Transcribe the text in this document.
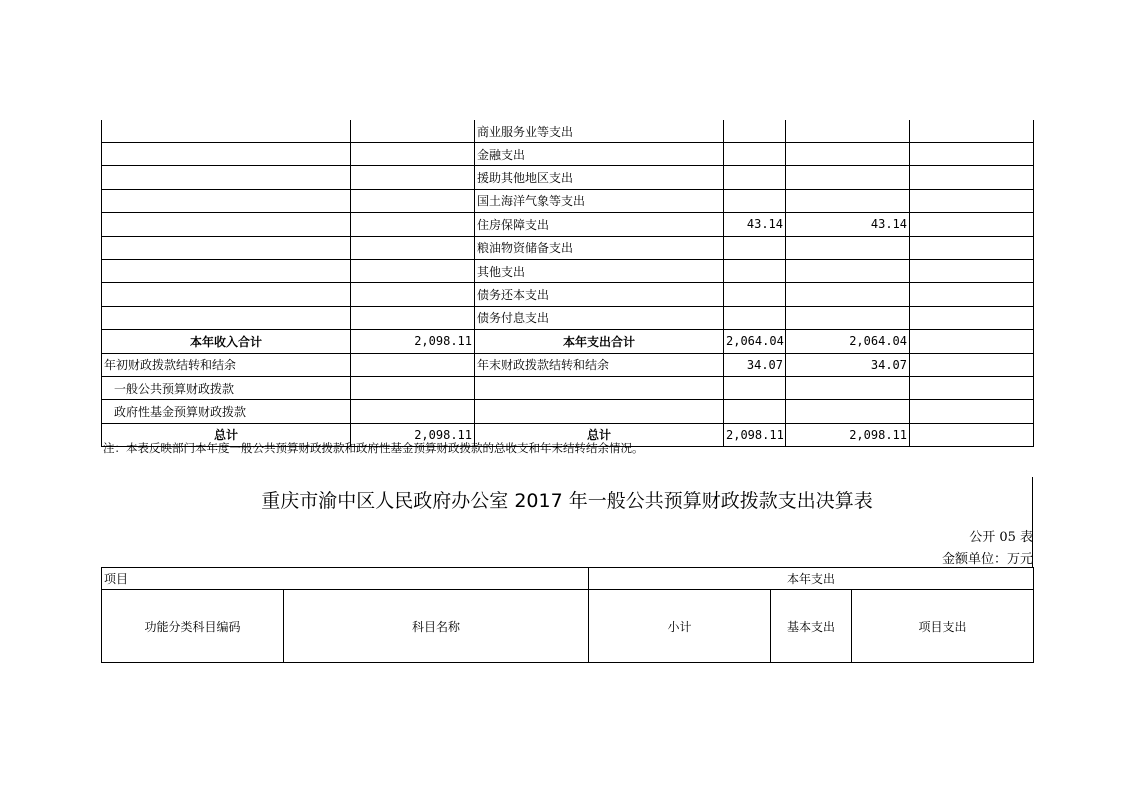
		商业服务业等支出			
		金融支出			
		援助其他地区支出			
		国土海洋气象等支出			
		住房保障支出	43.14	43.14	
		粮油物资储备支出			
		其他支出			
		债务还本支出			
		债务付息支出			
本年收入合计	2,098.11	本年支出合计	2,064.04	2,064.04	
年初财政拨款结转和结余		年末财政拨款结转和结余	34.07	34.07	
一般公共预算财政拨款					
政府性基金预算财政拨款					
总计	2,098.11	总计	2,098.11	2,098.11	
注：本表反映部门本年度一般公共预算财政拨款和政府性基金预算财政拨款的总收支和年末结转结余情况。
重庆市渝中区人民政府办公室 2017 年一般公共预算财政拨款支出决算表
公开 05 表
金额单位：万元
项目		本年支出		
功能分类科目编码	科目名称	小计	基本支出	项目支出
